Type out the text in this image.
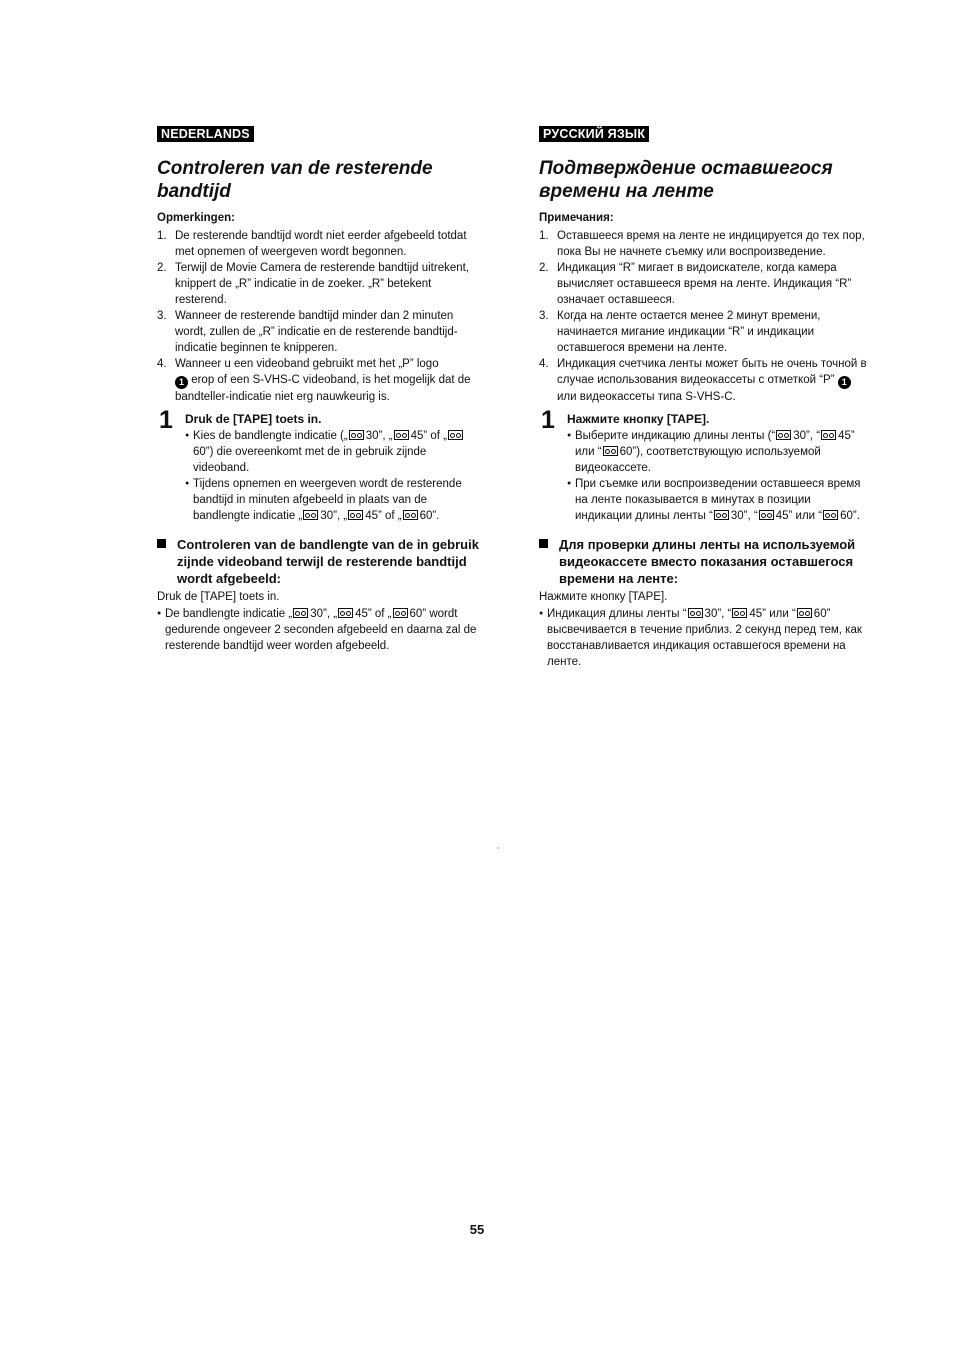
NEDERLANDS
Controleren van de resterende bandtijd
Opmerkingen:
1. De resterende bandtijd wordt niet eerder afgebeeld totdat met opnemen of weergeven wordt begonnen.
2. Terwijl de Movie Camera de resterende bandtijd uitrekent, knippert de „R” indicatie in de zoeker. „R” betekent resterend.
3. Wanneer de resterende bandtijd minder dan 2 minuten wordt, zullen de „R” indicatie en de resterende bandtijd-indicatie beginnen te knipperen.
4. Wanneer u een videoband gebruikt met het „P” logo
1 erop of een S-VHS-C videoband, is het mogelijk dat de bandteller-indicatie niet erg nauwkeurig is.
1 Druk de [TAPE] toets in.
● Kies de bandlengte indicatie („ 30”, „ 45” of „60”) die overeenkomt met de in gebruik zijnde videoband.
● Tijdens opnemen en weergeven wordt de resterende bandtijd in minuten afgebeeld in plaats van de bandlengte indicatie „ 30”, „ 45” of „ 60”.
Controleren van de bandlengte van de in gebruik zijnde videoband terwijl de resterende bandtijd wordt afgebeeld:
Druk de [TAPE] toets in.
● De bandlengte indicatie „ 30”, „ 45” of „ 60” wordt gedurende ongeveer 2 seconden afgebeeld en daarna zal de resterende bandtijd weer worden afgebeeld.
РУССКИЙ ЯЗЫК
Подтверждение оставшегося времени на ленте
Примечания:
1. Оставшееся время на ленте не индицируется до тех пор, пока Вы не начнете съемку или воспроизведение.
2. Индикация “R” мигает в видоискателе, когда камера вычисляет оставшееся время на ленте. Индикация “R” означает оставшееся.
3. Когда на ленте остается менее 2 минут времени, начинается мигание индикации “R” и индикации оставшегося времени на ленте.
4. Индикация счетчика ленты может быть не очень точной в случае использования видеокассеты с отметкой “P” 1 или видеокассеты типа S-VHS-C.
1 Нажмите кнопку [TAPE].
● Выберите индикацию длины ленты (“ 30”, “ 45” или “ 60”), соответствующую используемой видеокассете.
● При съемке или воспроизведении оставшееся время на ленте показывается в минутах в позиции индикации длины ленты “ 30”, “ 45” или “ 60”.
Для проверки длины ленты на используемой видеокассете вместо показания оставшегося времени на ленте:
Нажмите кнопку [TAPE].
● Индикация длины ленты “ 30”, “ 45” или “ 60” высвечивается в течение приблиз. 2 секунд перед тем, как восстанавливается индикация оставшегося времени на ленте.
55
